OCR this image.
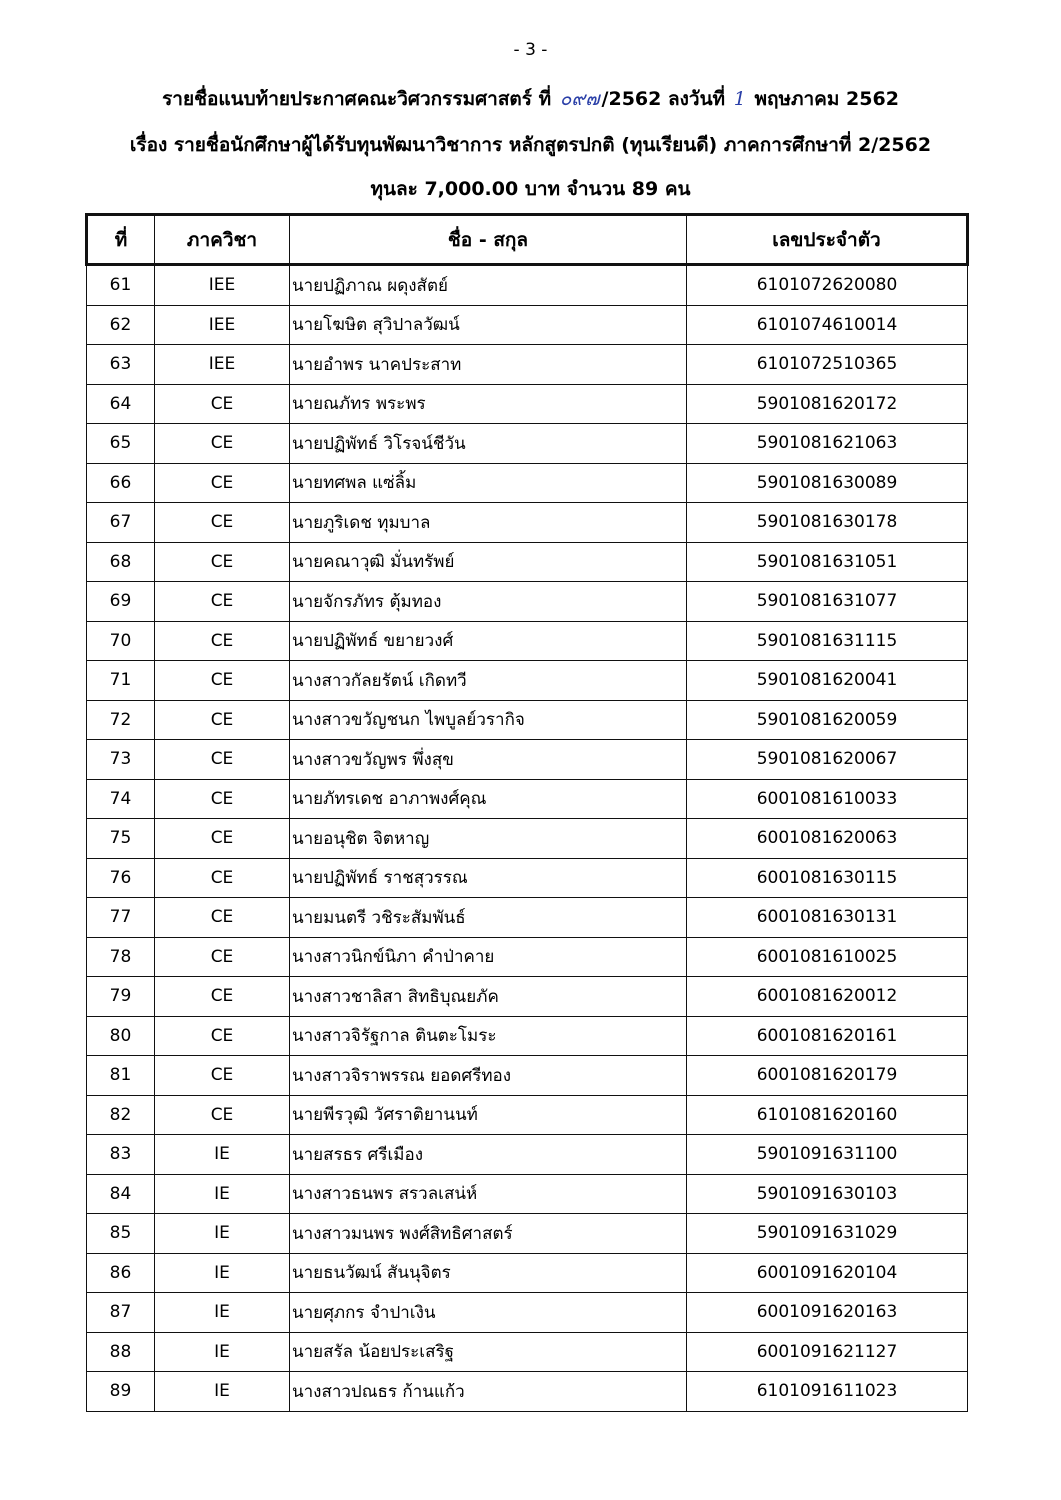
- 3 -
รายชื่อแนบท้ายประกาศคณะวิศวกรรมศาสตร์ ที่ ๐๙๗ /2562 ลงวันที่ 1 พฤษภาคม 2562
เรื่อง รายชื่อนักศึกษาผู้ได้รับทุนพัฒนาวิชาการ หลักสูตรปกติ (ทุนเรียนดี) ภาคการศึกษาที่ 2/2562
ทุนละ 7,000.00 บาท จำนวน 89 คน
ที่	ภาควิชา	ชื่อ - สกุล	เลขประจำตัว
61	IEE	นายปฏิภาณ ผดุงสัตย์	6101072620080
62	IEE	นายโฆษิต สุวิปาลวัฒน์	6101074610014
63	IEE	นายอำพร นาคประสาท	6101072510365
64	CE	นายณภัทร พระพร	5901081620172
65	CE	นายปฏิพัทธ์ วิโรจน์ชีวัน	5901081621063
66	CE	นายทศพล แซ่ลิ้ม	5901081630089
67	CE	นายภูริเดช ทุมบาล	5901081630178
68	CE	นายคณาวุฒิ มั่นทรัพย์	5901081631051
69	CE	นายจักรภัทร ตุ้มทอง	5901081631077
70	CE	นายปฏิพัทธ์ ขยายวงศ์	5901081631115
71	CE	นางสาวกัลยรัตน์ เกิดทวี	5901081620041
72	CE	นางสาวขวัญชนก ไพบูลย์วรากิจ	5901081620059
73	CE	นางสาวขวัญพร พึ่งสุข	5901081620067
74	CE	นายภัทรเดช อาภาพงศ์คุณ	6001081610033
75	CE	นายอนุชิต จิตหาญ	6001081620063
76	CE	นายปฏิพัทธ์ ราชสุวรรณ	6001081630115
77	CE	นายมนตรี วชิระสัมพันธ์	6001081630131
78	CE	นางสาวนิกข์นิภา คำป่าคาย	6001081610025
79	CE	นางสาวชาลิสา สิทธิบุณยภัค	6001081620012
80	CE	นางสาวจิรัฐกาล ตินตะโมระ	6001081620161
81	CE	นางสาวจิราพรรณ ยอดศรีทอง	6001081620179
82	CE	นายพีรวุฒิ วัศราติยานนท์	6101081620160
83	IE	นายสรธร ศรีเมือง	5901091631100
84	IE	นางสาวธนพร สรวลเสน่ห์	5901091630103
85	IE	นางสาวมนพร พงศ์สิทธิศาสตร์	5901091631029
86	IE	นายธนวัฒน์ สันนุจิตร	6001091620104
87	IE	นายศุภกร จำปาเงิน	6001091620163
88	IE	นายสรัล น้อยประเสริฐ	6001091621127
89	IE	นางสาวปณธร ก้านแก้ว	6101091611023
